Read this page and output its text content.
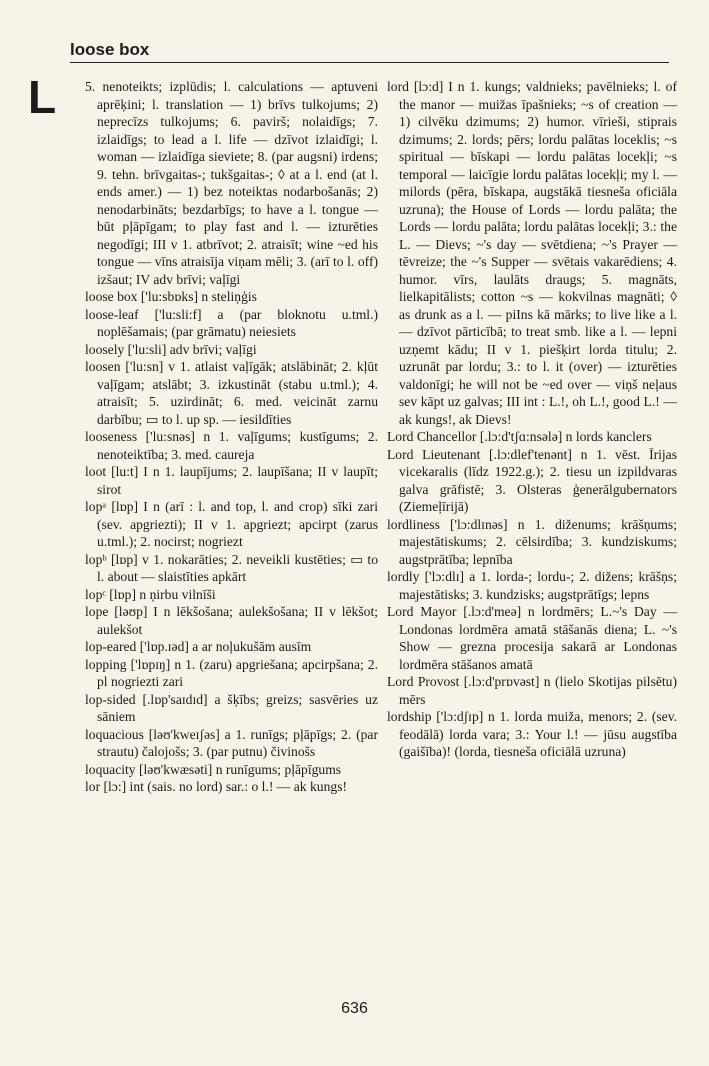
loose box
L 5. nenoteikts; izplūdis; l. calculations — aptuveni aprēķini; l. translation — 1) brīvs tulkojums; 2) neprecīzs tulkojums; 6. pavirš; nolaidīgs; 7. izlaidīgs; to lead a l. life — dzīvot izlaidīgi; l. woman — izlaidīga sieviete; 8. (par augsni) irdens; 9. tehn. brīvgaitas-; tukšgaitas-; ◊ at a l. end (at l. ends amer.) — 1) bez noteiktas nodarbošanās; 2) nenodarbināts; bezdarbīgs; to have a l. tongue — būt pļāpīgam; to play fast and l. — izturēties negodīgi; III v 1. atbrīvot; 2. atraisīt; wine ~ed his tongue — vīns atraisīja viņam mēli; 3. (arī to l. off) izšaut; IV adv brīvi; vaļīgi

loose box ['lu:sbɒks] n steliņģis

loose-leaf ['lu:sli:f] a (par bloknotu u.tml.) noplēšamais; (par grāmatu) neiesiets

loosely ['lu:sli] adv brīvi; vaļīgi

loosen ['lu:sn] v 1. atlaist vaļīgāk; atslābināt; 2. kļūt vaļīgam; atslābt; 3. izkustināt (stabu u.tml.); 4. atraisīt; 5. uzirdināt; 6. med. veicināt zarnu darbību; ▭ to l. up sp. — iesildīties

looseness ['lu:snəs] n 1. vaļīgums; kustīgums; 2. nenoteiktība; 3. med. caureja

loot [lu:t] I n 1. laupījums; 2. laupīšana; II v laupīt; sirot

lopᵃ [lɒp] I n (arī : l. and top, l. and crop) sīki zari (sev. apgriezti); II v 1. apgriezt; apcirpt (zarus u.tml.); 2. nocirst; nogriezt

lopᵇ [lɒp] v 1. nokarāties; 2. neveikli kustēties; ▭ to l. about — slaistīties apkārt

lopᶜ [lɒp] n ņirbu vilnīši

lope [ləʊp] I n lēkšošana; aulekšošana; II v lēkšot; aulekšot

lop-eared ['lɒp.ɪəd] a ar noļukušām ausīm

lopping ['lɒpɪŋ] n 1. (zaru) apgriešana; apcirpšana; 2. pl nogriezti zari

lop-sided [.lɒp'saɪdɪd] a šķībs; greizs; sasvēries uz sāniem

loquacious [ləʊ'kweɪʃəs] a 1. runīgs; pļāpīgs; 2. (par strautu) čalojošs; 3. (par putnu) čivinošs

loquacity [ləʊ'kwæsəti] n runīgums; pļāpīgums

lor [lɔ:] int (sais. no lord) sar.: o l.! — ak kungs!

lord [lɔ:d] I n 1. kungs; valdnieks; pavēlnieks; l. of the manor — muižas īpašnieks; ~s of creation — 1) cilvēku dzimums; 2) humor. vīrieši, stiprais dzimums; 2. lords; pērs; lordu palātas loceklis; ~s spiritual — bīskapi — lordu palātas locekļi; ~s temporal — laicīgie lordu palātas locekļi; my l. — milords (pēra, bīskapa, augstākā tiesneša oficiāla uzruna); the House of Lords — lordu palāta; the Lords — lordu palāta; lordu palātas locekļi; 3.: the L. — Dievs; ~'s day — svētdiena; ~'s Prayer — tēvreize; the ~'s Supper — svētais vakarēdiens; 4. humor. vīrs, laulāts draugs; 5. magnāts, lielkapitālists; cotton ~s — kokvilnas magnāti; ◊ as drunk as a l. — piIns kā mārks; to live like a l. — dzīvot pārticībā; to treat smb. like a l. — lepni uzņemt kādu; II v 1. piešķirt lorda titulu; 2. uzrunāt par lordu; 3.: to l. it (over) — izturēties valdonīgi; he will not be ~ed over — viņš neļaus sev kāpt uz galvas; III int : L.!, oh L.!, good L.! — ak kungs!, ak Dievs!

Lord Chancellor [.lɔ:d'tʃɑ:nsələ] n lords kanclers

Lord Lieutenant [.lɔ:dlef'tenənt] n 1. vēst. Īrijas vicekaralis (līdz 1922.g.); 2. tiesu un izpildvaras galva grāfistē; 3. Olsteras ģenerālgubernators (Ziemeļīrijā)

lordliness ['lɔ:dlɪnəs] n 1. diženums; krāšņums; majestātiskums; 2. cēlsirdība; 3. kundziskums; augstprātība; lepnība

lordly ['lɔ:dlɪ] a 1. lorda-; lordu-; 2. dižens; krāšņs; majestātisks; 3. kundzisks; augstprātīgs; lepns

Lord Mayor [.lɔ:d'meə] n lordmērs; L.~'s Day — Londonas lordmēra amatā stāšanās diena; L. ~'s Show — grezna procesija sakarā ar Londonas lordmēra stāšanos amatā

Lord Provost [.lɔ:d'prɒvəst] n (lielo Skotijas pilsētu) mērs

lordship ['lɔ:dʃɪp] n 1. lorda muiža, menors; 2. (sev. feodālā) lorda vara; 3.: Your l.! — jūsu augstība (gaišība)! (lorda, tiesneša oficiālā uzruna)

636
